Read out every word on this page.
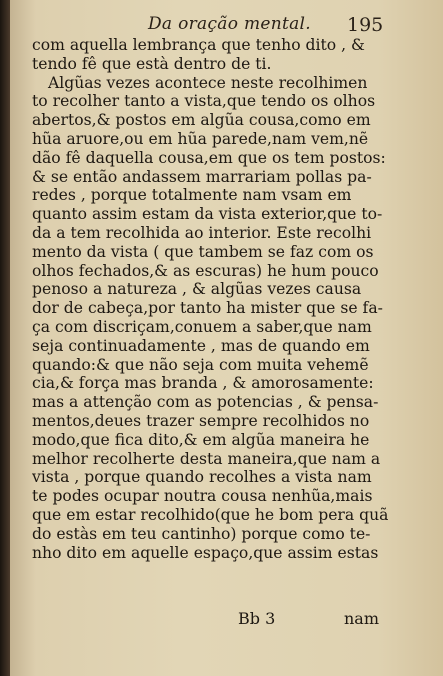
Da oração mental. 195
com aquella lembrança que tenho dito , &
tendo fê que està dentro de ti.
Algũas vezes acontece neste recolhimen
to recolher tanto a vista,que tendo os olhos
abertos,& postos em algũa cousa,como em
hũa aruore,ou em hũa parede,nam vem,nẽ
dão fê daquella cousa,em que os tem postos:
& se então andassem marrariam pollas pa-
redes , porque totalmente nam vsam em
quanto assim estam da vista exterior,que to-
da a tem recolhida ao interior. Este recolhi
mento da vista ( que tambem se faz com os
olhos fechados,& as escuras) he hum pouco
penoso a natureza , & algũas vezes causa
dor de cabeça,por tanto ha mister que se fa-
ça com discriçam,conuem a saber,que nam
seja continuadamente , mas de quando em
quando:& que não seja com muita vehemẽ
cia,& força mas branda , & amorosamente:
mas a attenção com as potencias , & pensa-
mentos,deues trazer sempre recolhidos no
modo,que fica dito,& em algũa maneira he
melhor recolherte desta maneira,que nam a
vista , porque quando recolhes a vista nam
te podes ocupar noutra cousa nenhũa,mais
que em estar recolhido(que he bom pera quã
do estàs em teu cantinho) porque como te-
nho dito em aquelle espaço,que assim estas
Bb 3	nam
